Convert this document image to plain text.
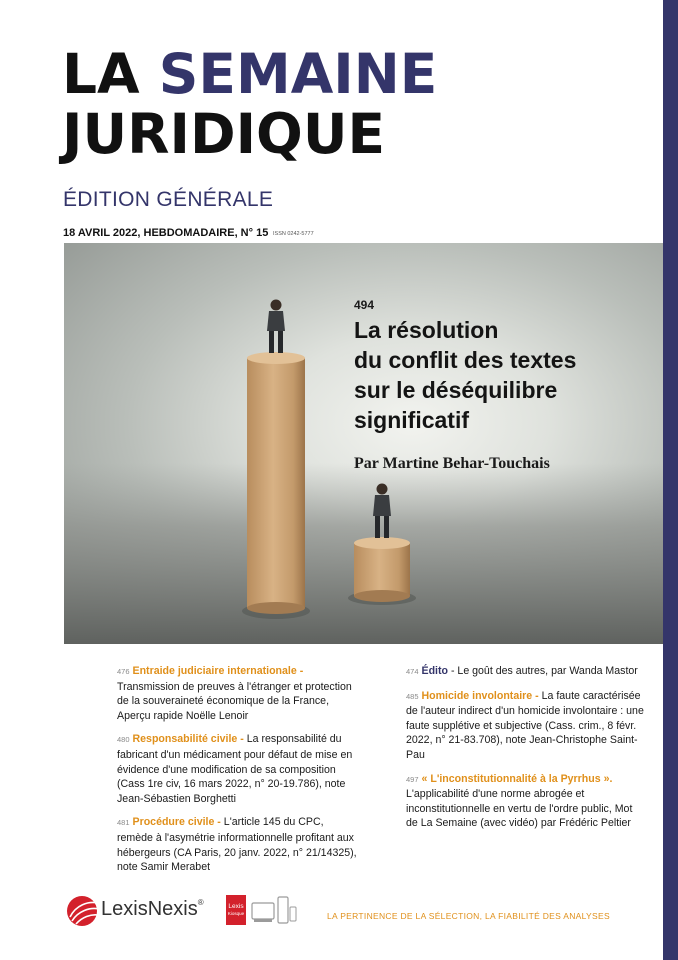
LA SEMAINE
JURIDIQUE
ÉDITION GÉNÉRALE
18 AVRIL 2022, HEBDOMADAIRE, N° 15 ISSN 0242-5777
494
La résolution
du conflit des textes
sur le déséquilibre
significatif
Par Martine Behar-Touchais

476 Entraide judiciaire internationale - Transmission de preuves à l'étranger et protection de la souveraineté économique de la France, Aperçu rapide Noëlle Lenoir

480 Responsabilité civile - La responsabilité du fabricant d'un médicament pour défaut de mise en évidence d'une modification de sa composition (Cass 1re civ, 16 mars 2022, n° 20-19.786), note Jean-Sébastien Borghetti

481 Procédure civile - L'article 145 du CPC, remède à l'asymétrie informationnelle profitant aux hébergeurs (CA Paris, 20 janv. 2022, n° 21/14325), note Samir Merabet

474 Édito - Le goût des autres, par Wanda Mastor

485 Homicide involontaire - La faute caractérisée de l'auteur indirect d'un homicide involontaire : une faute supplétive et subjective (Cass. crim., 8 févr. 2022, n° 21-83.708), note Jean-Christophe Saint-Pau

497 « L'inconstitutionnalité à la Pyrrhus ». L'applicabilité d'une norme abrogée et inconstitutionnelle en vertu de l'ordre public, Mot de La Semaine (avec vidéo) par Frédéric Peltier

LexisNexis®	Lexis
Kiosque	LA PERTINENCE DE LA SÉLECTION, LA FIABILITÉ DES ANALYSES
